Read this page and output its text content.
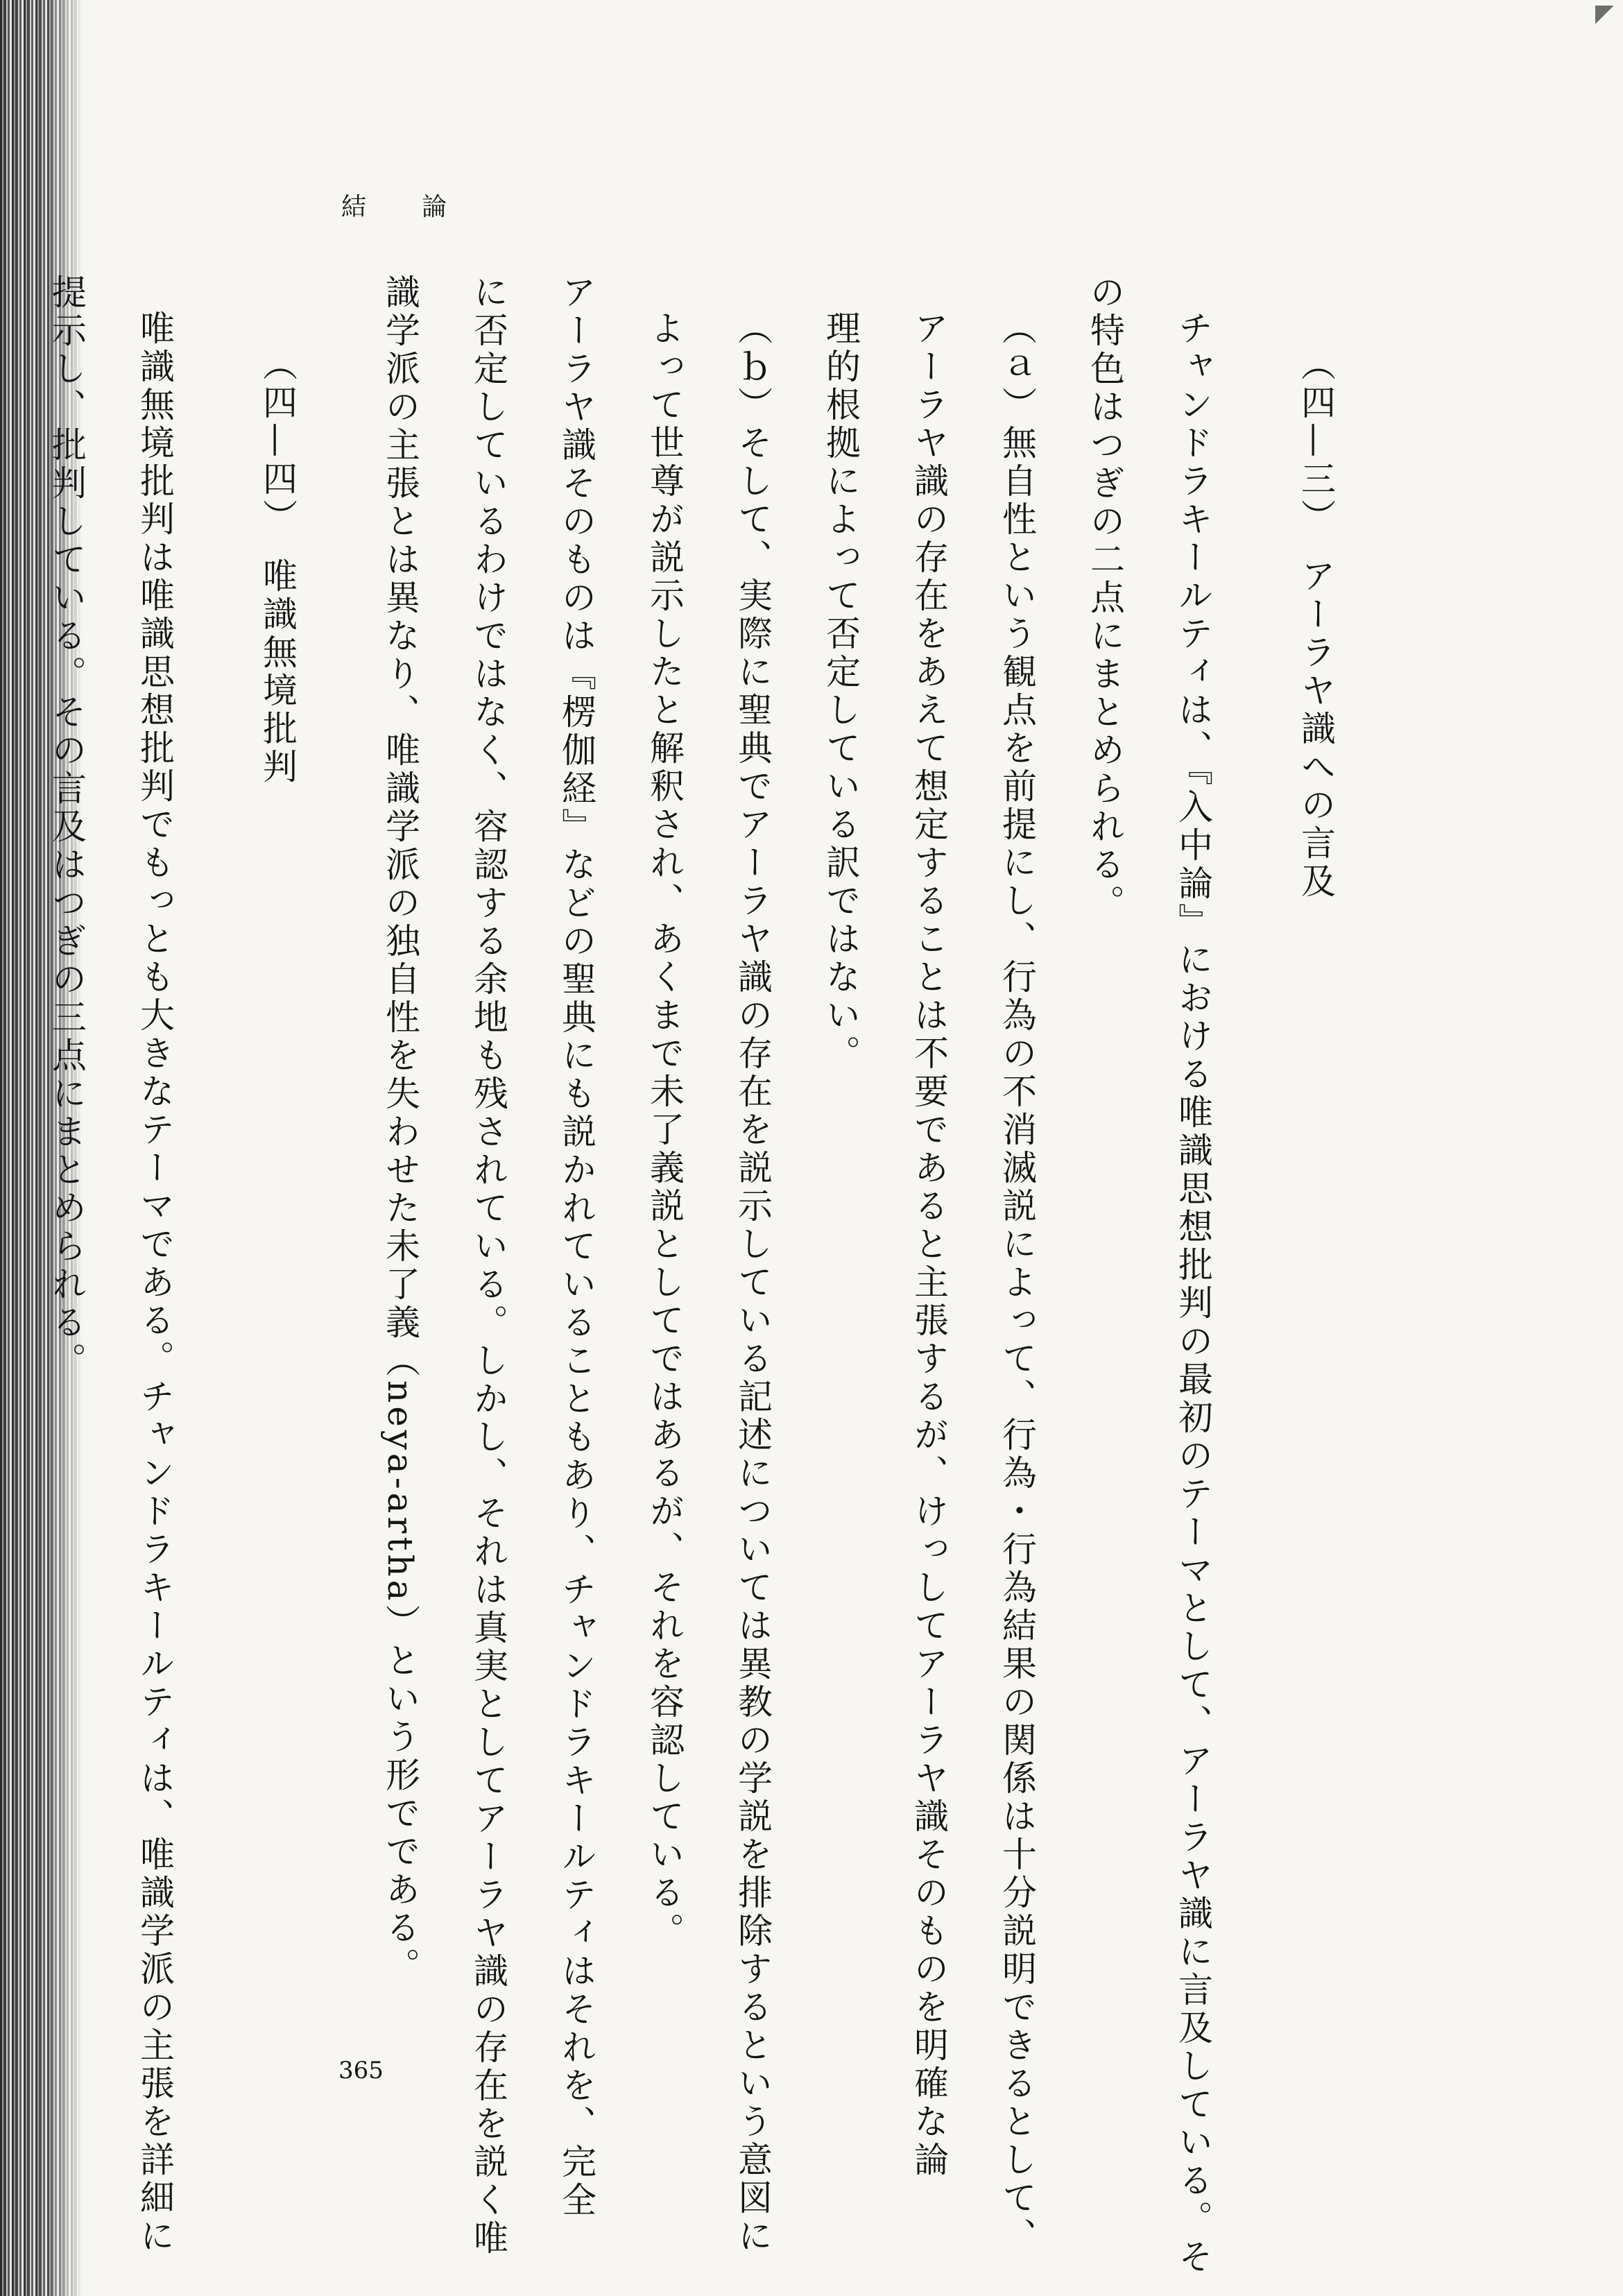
結　論
（四—三）　アーラヤ識への言及

チャンドラキールティは、『入中論』における唯識思想批判の最初のテーマとして、アーラヤ識に言及している。そ
の特色はつぎの二点にまとめられる。
（ａ）無自性という観点を前提にし、行為の不消滅説によって、行為・行為結果の関係は十分説明できるとして、
アーラヤ識の存在をあえて想定することは不要であると主張するが、けっしてアーラヤ識そのものを明確な論
理的根拠によって否定している訳ではない。
（ｂ）そして、実際に聖典でアーラヤ識の存在を説示している記述については異教の学説を排除するという意図に
よって世尊が説示したと解釈され、あくまで未了義説としてではあるが、それを容認している。
アーラヤ識そのものは『楞伽経』などの聖典にも説かれていることもあり、チャンドラキールティはそれを、完全
に否定しているわけではなく、容認する余地も残されている。しかし、それは真実としてアーラヤ識の存在を説く唯
識学派の主張とは異なり、唯識学派の独自性を失わせた未了義（neya-artha）という形でである。

（四—四）　唯識無境批判

唯識無境批判は唯識思想批判でもっとも大きなテーマである。チャンドラキールティは、唯識学派の主張を詳細に
提示し、批判している。その言及はつぎの三点にまとめられる。
365
